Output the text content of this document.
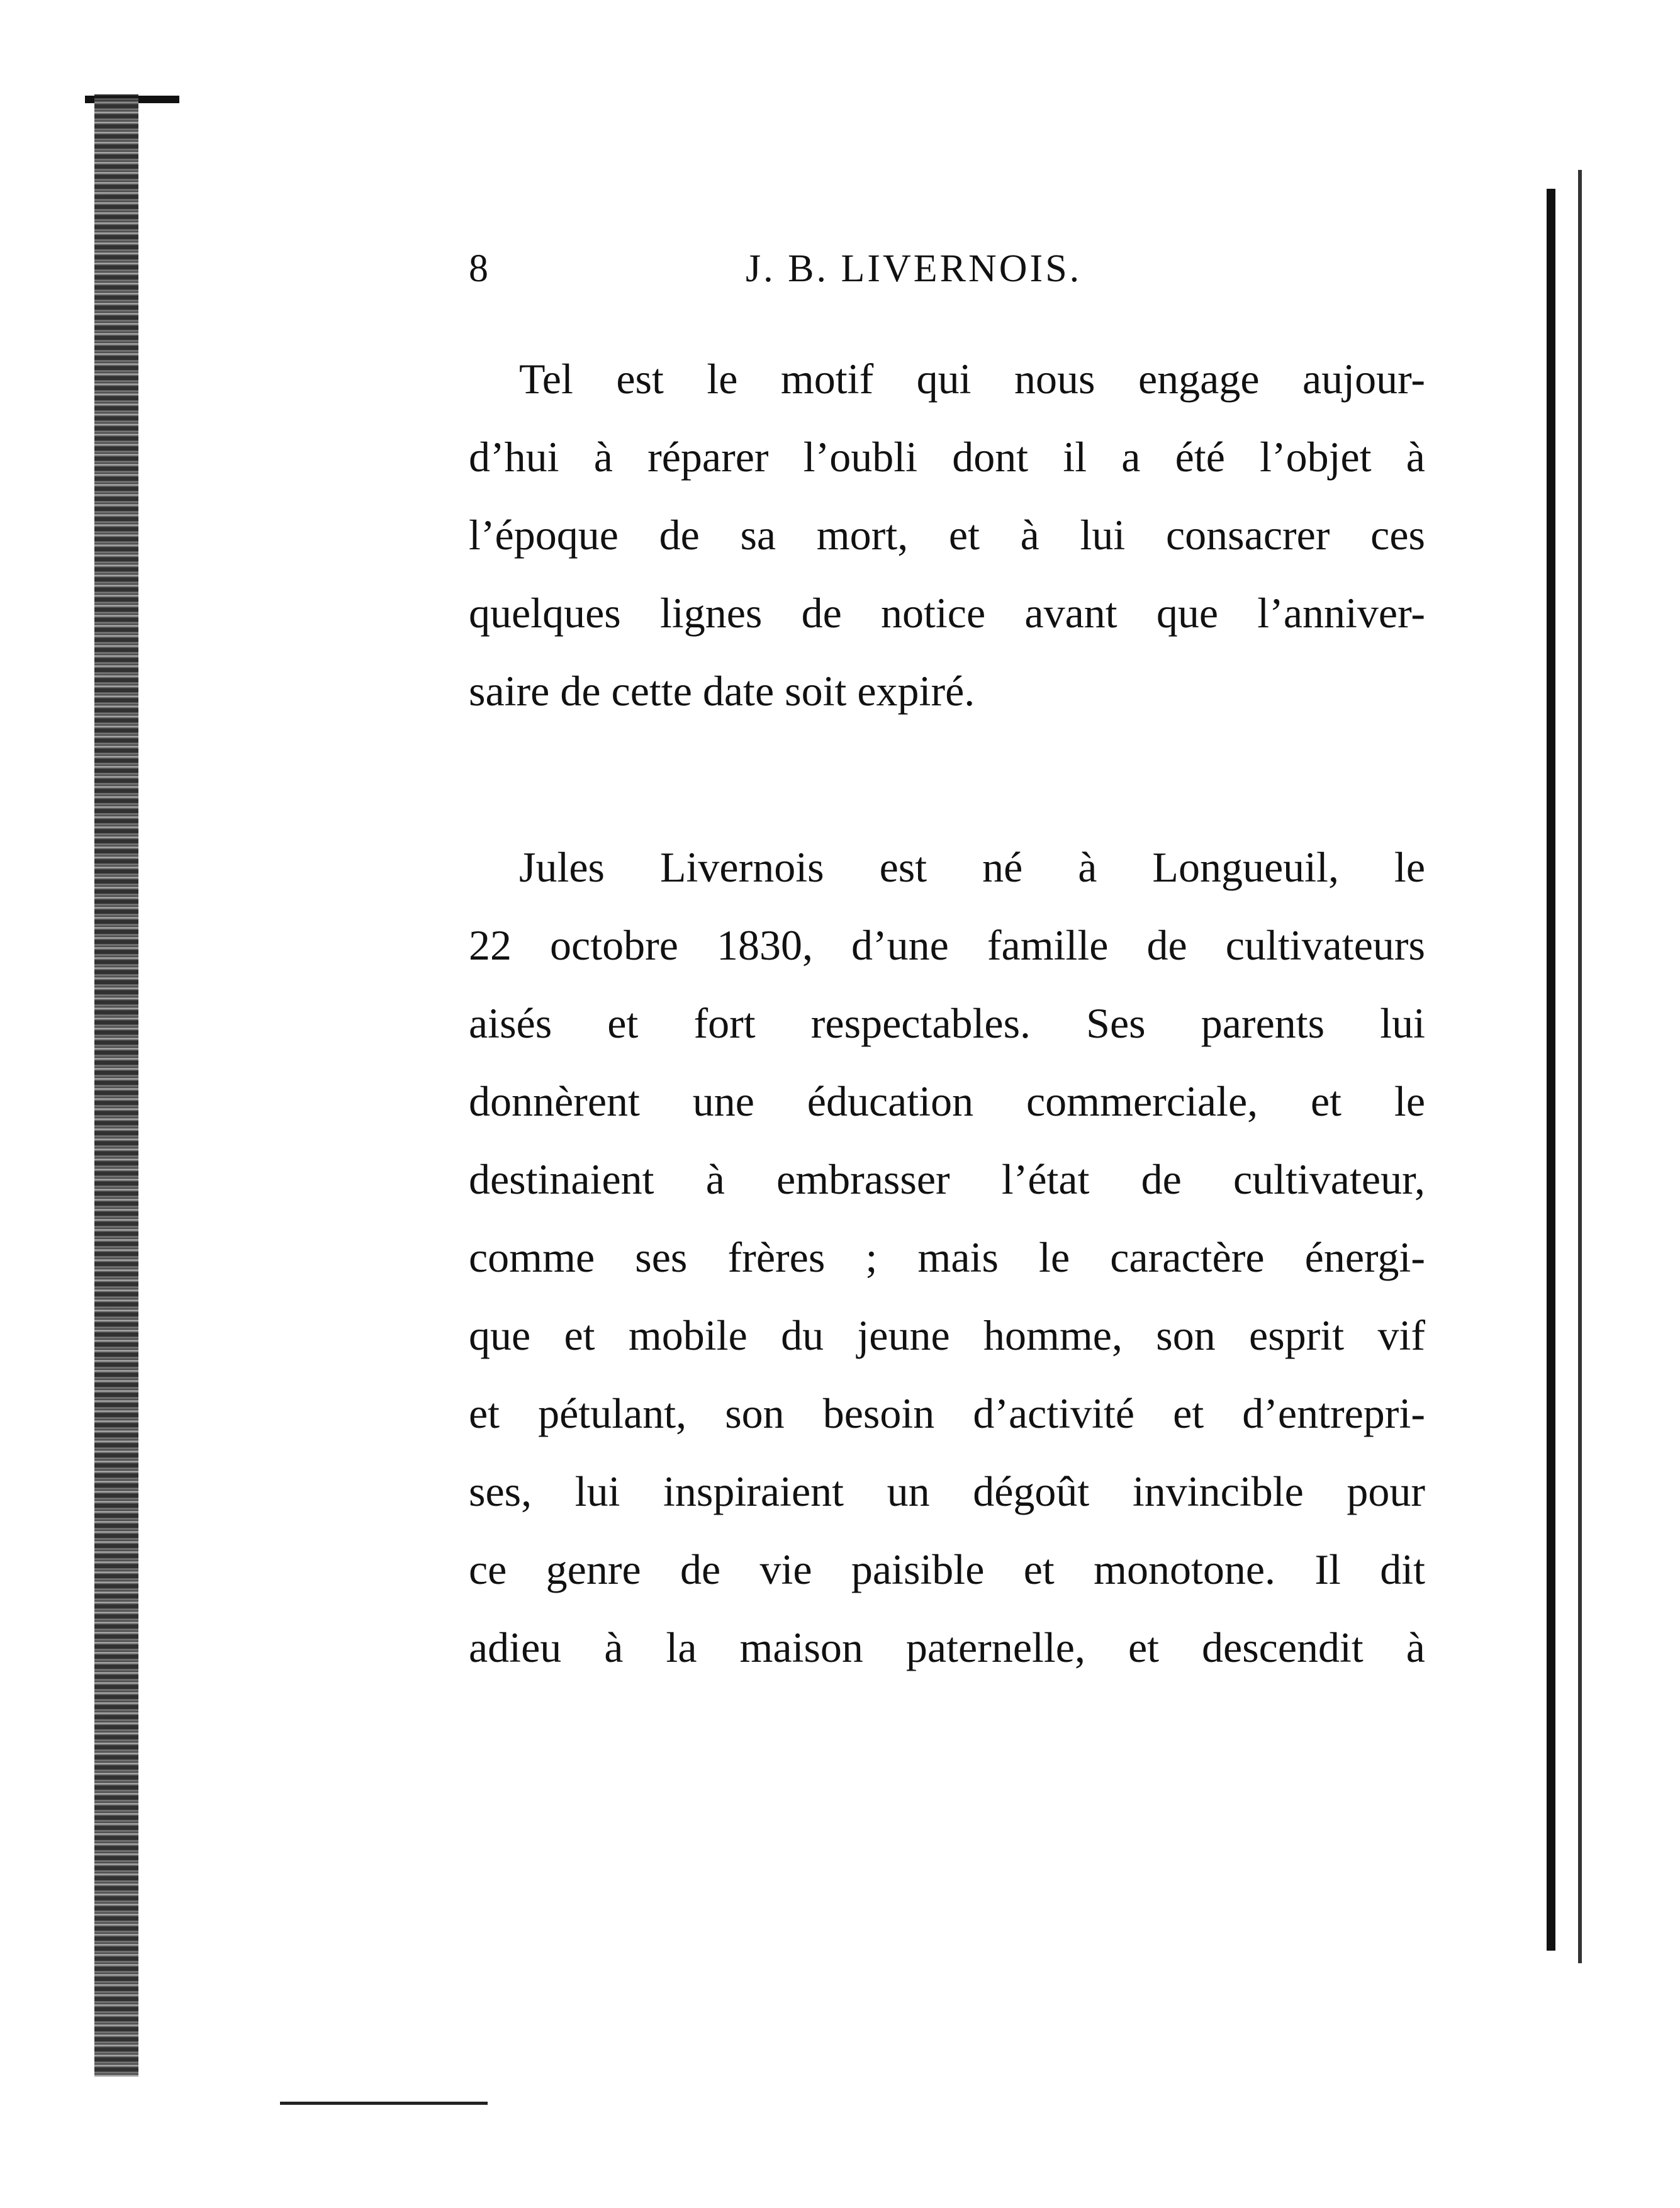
8	J. B. LIVERNOIS.
Tel est le motif qui nous engage aujour-
d’hui à réparer l’oubli dont il a été l’objet à
l’époque de sa mort, et à lui consacrer ces
quelques lignes de notice avant que l’anniver-
saire de cette date soit expiré.
Jules Livernois est né à Longueuil, le
22 octobre 1830, d’une famille de cultivateurs
aisés et fort respectables. Ses parents lui
donnèrent une éducation commerciale, et le
destinaient à embrasser l’état de cultivateur,
comme ses frères ; mais le caractère énergi-
que et mobile du jeune homme, son esprit vif
et pétulant, son besoin d’activité et d’entrepri-
ses, lui inspiraient un dégoût invincible pour
ce genre de vie paisible et monotone. Il dit
adieu à la maison paternelle, et descendit à
